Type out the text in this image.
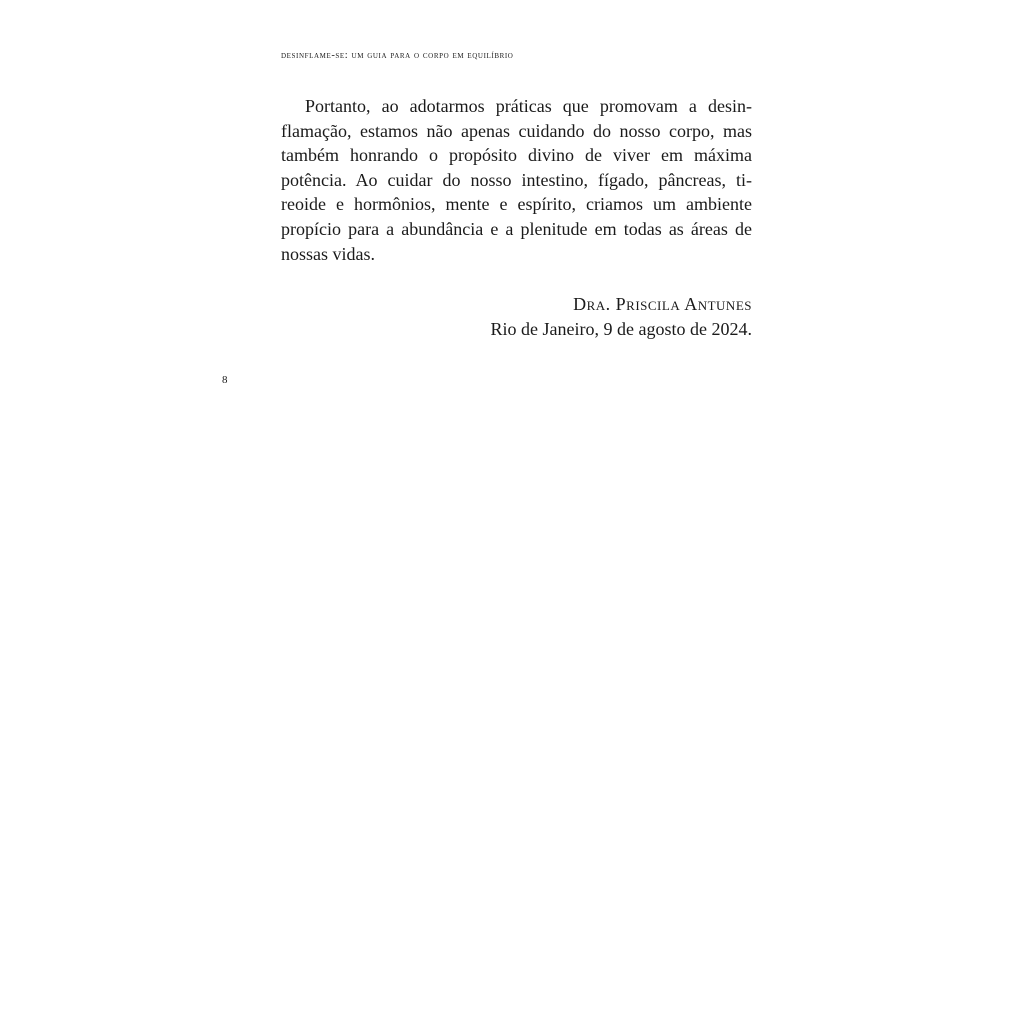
desinflame-se: um guia para o corpo em equilíbrio
Portanto, ao adotarmos práticas que promovam a desin-
flamação, estamos não apenas cuidando do nosso corpo, mas
também honrando o propósito divino de viver em máxima
potência. Ao cuidar do nosso intestino, fígado, pâncreas, ti-
reoide e hormônios, mente e espírito, criamos um ambiente
propício para a abundância e a plenitude em todas as áreas de
nossas vidas.
Dra. Priscila Antunes
Rio de Janeiro, 9 de agosto de 2024.
8
